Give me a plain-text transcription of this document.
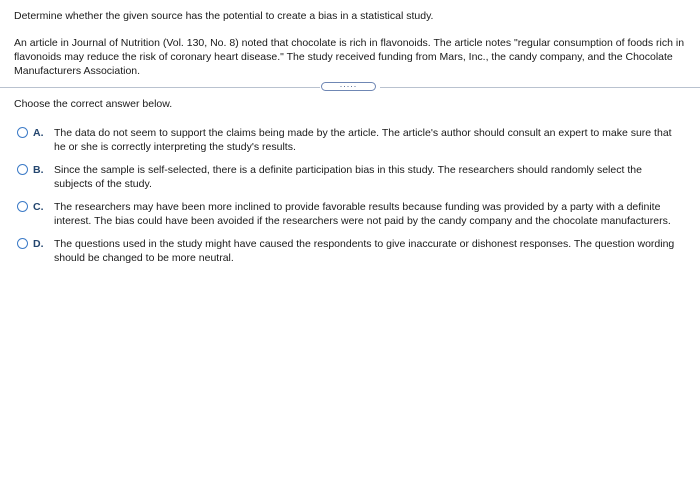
Determine whether the given source has the potential to create a bias in a statistical study.
An article in Journal of Nutrition (Vol. 130, No. 8) noted that chocolate is rich in flavonoids. The article notes "regular consumption of foods rich in flavonoids may reduce the risk of coronary heart disease." The study received funding from Mars, Inc., the candy company, and the Chocolate Manufacturers Association.
.....
Choose the correct answer below.
A. The data do not seem to support the claims being made by the article. The article's author should consult an expert to make sure that he or she is correctly interpreting the study's results.
B. Since the sample is self-selected, there is a definite participation bias in this study. The researchers should randomly select the subjects of the study.
C. The researchers may have been more inclined to provide favorable results because funding was provided by a party with a definite interest. The bias could have been avoided if the researchers were not paid by the candy company and the chocolate manufacturers.
D. The questions used in the study might have caused the respondents to give inaccurate or dishonest responses. The question wording should be changed to be more neutral.
